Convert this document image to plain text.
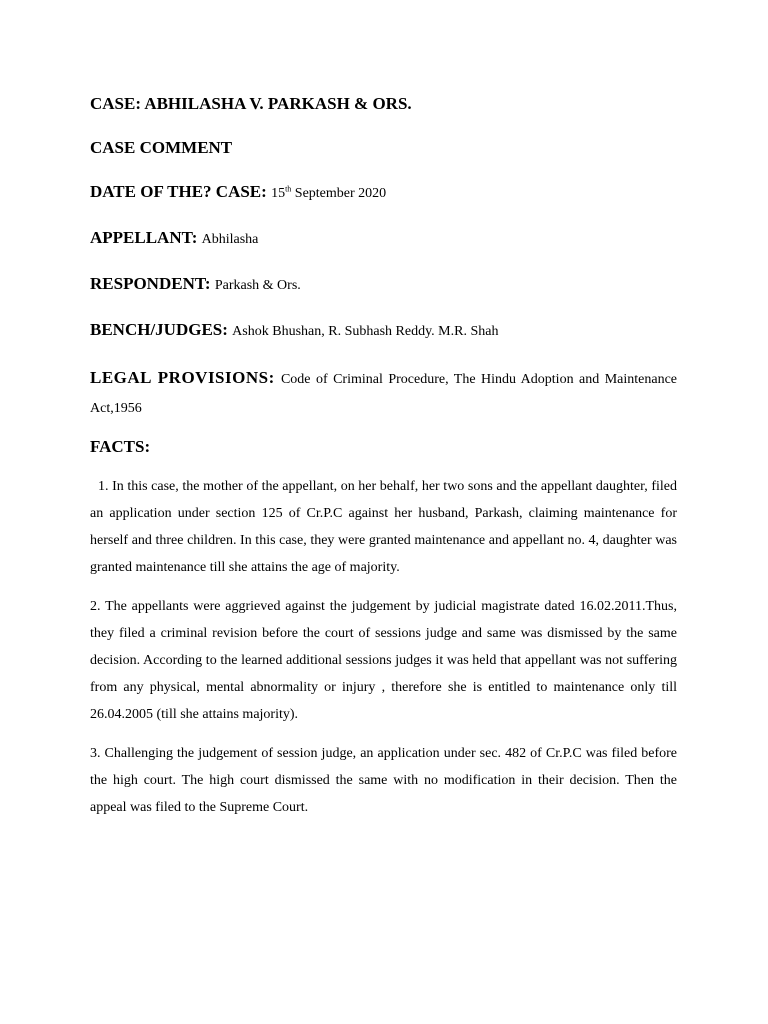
CASE: ABHILASHA V. PARKASH & ORS.

CASE COMMENT

DATE OF THE? CASE: 15th September 2020

APPELLANT: Abhilasha

RESPONDENT: Parkash & Ors.

BENCH/JUDGES: Ashok Bhushan, R. Subhash Reddy. M.R. Shah

LEGAL PROVISIONS: Code of Criminal Procedure, The Hindu Adoption and Maintenance Act,1956

FACTS:

1. In this case, the mother of the appellant, on her behalf, her two sons and the appellant daughter, filed an application under section 125 of Cr.P.C against her husband, Parkash, claiming maintenance for herself and three children. In this case, they were granted maintenance and appellant no. 4, daughter was granted maintenance till she attains the age of majority.

2. The appellants were aggrieved against the judgement by judicial magistrate dated 16.02.2011.Thus, they filed a criminal revision before the court of sessions judge and same was dismissed by the same decision. According to the learned additional sessions judges it was held that appellant was not suffering from any physical, mental abnormality or injury , therefore she is entitled to maintenance only till 26.04.2005 (till she attains majority).

3. Challenging the judgement of session judge, an application under sec. 482 of Cr.P.C was filed before the high court. The high court dismissed the same with no modification in their decision. Then the appeal was filed to the Supreme Court.
